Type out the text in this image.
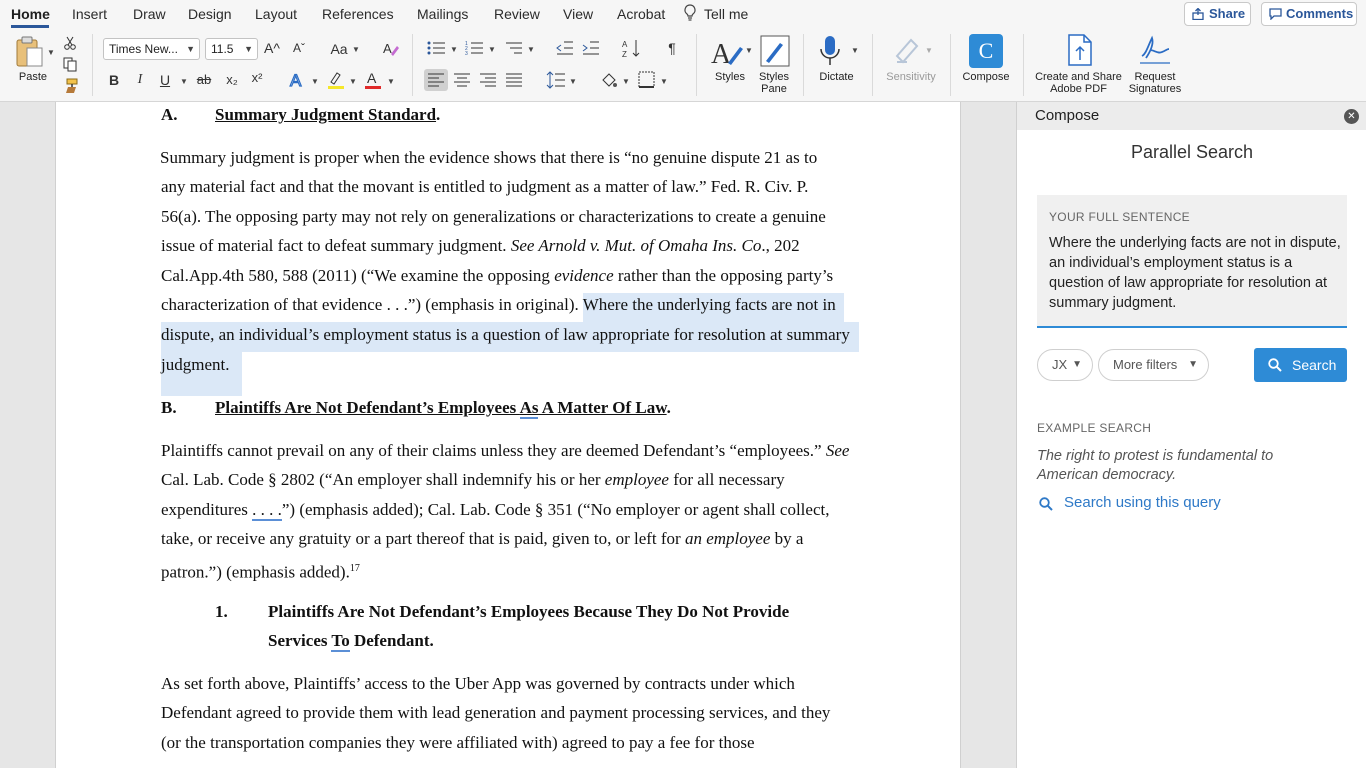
Home Insert Draw Design Layout References Mailings Review View Acrobat	Tell me	Share	Comments
▼
Paste
Times New... ▼	11.5 ▼ A^	Aˇ Aa ▼ A
B	I	U ▼ ab x₂ x² A ▼	▼ A ▼
▼
1
2
3	▼	▼
A
Z	¶
▼	▼	▼
A ▼
Styles	Styles
Pane
▼
Dictate
▼
Sensitivity
C
Compose	Create and Share
Adobe PDF
Request
Signatures
A. Summary Judgment Standard.
Summary judgment is proper when the evidence shows that there is “no genuine dispute 21 as to
any material fact and that the movant is entitled to judgment as a matter of law.” Fed. R. Civ. P.
56(a). The opposing party may not rely on generalizations or characterizations to create a genuine
issue of material fact to defeat summary judgment. See Arnold v. Mut. of Omaha Ins. Co., 202
Cal.App.4th 580, 588 (2011) (“We examine the opposing evidence rather than the opposing party’s
characterization of that evidence . . .”) (emphasis in original). Where the underlying facts are not in
dispute, an individual’s employment status is a question of law appropriate for resolution at summary
judgment.
B. Plaintiffs Are Not Defendant’s Employees As A Matter Of Law.
Plaintiffs cannot prevail on any of their claims unless they are deemed Defendant’s “employees.” See
Cal. Lab. Code § 2802 (“An employer shall indemnify his or her employee for all necessary
expenditures . . . .”) (emphasis added); Cal. Lab. Code § 351 (“No employer or agent shall collect,
take, or receive any gratuity or a part thereof that is paid, given to, or left for an employee by a
patron.”) (emphasis added).$^{17}$
1. Plaintiffs Are Not Defendant’s Employees Because They Do Not Provide
Services To Defendant.
As set forth above, Plaintiffs’ access to the Uber App was governed by contracts under which
Defendant agreed to provide them with lead generation and payment processing services, and they
(or the transportation companies they were affiliated with) agreed to pay a fee for those
Compose	✕
Parallel Search
YOUR FULL SENTENCE
Where the underlying facts are not in dispute, an individual’s employment status is a question of law appropriate for resolution at summary judgment.
JX ▼	More filters ▼	Search
EXAMPLE SEARCH
The right to protest is fundamental to American democracy.
Search using this query
